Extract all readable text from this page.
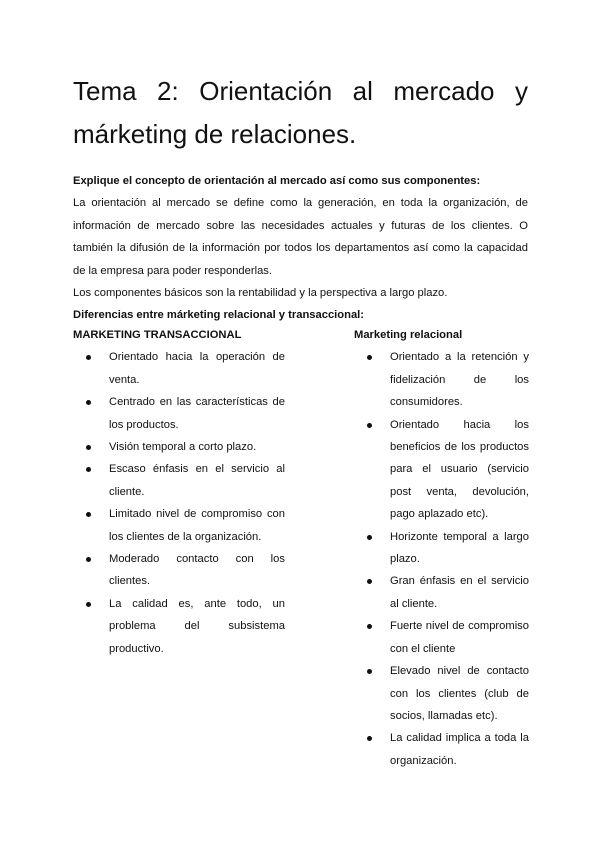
Tema 2: Orientación al mercado y márketing de relaciones.

Explique el concepto de orientación al mercado así como sus componentes:

La orientación al mercado se define como la generación, en toda la organización, de información de mercado sobre las necesidades actuales y futuras de los clientes. O también la difusión de la información por todos los departamentos así como la capacidad de la empresa para poder responderlas.

Los componentes básicos son la rentabilidad y la perspectiva a largo plazo.

Diferencias entre márketing relacional y transaccional:

MARKETING TRANSACCIONAL

Orientado hacia la operación de venta.
Centrado en las características de los productos.
Visión temporal a corto plazo.
Escaso énfasis en el servicio al cliente.
Limitado nivel de compromiso con los clientes de la organización.
Moderado contacto con los clientes.
La calidad es, ante todo, un problema del subsistema productivo.

Marketing relacional

Orientado a la retención y fidelización de los consumidores.
Orientado hacia los beneficios de los productos para el usuario (servicio post venta, devolución, pago aplazado etc).
Horizonte temporal a largo plazo.
Gran énfasis en el servicio al cliente.
Fuerte nivel de compromiso con el cliente
Elevado nivel de contacto con los clientes (club de socios, llamadas etc).
La calidad implica a toda la organización.
